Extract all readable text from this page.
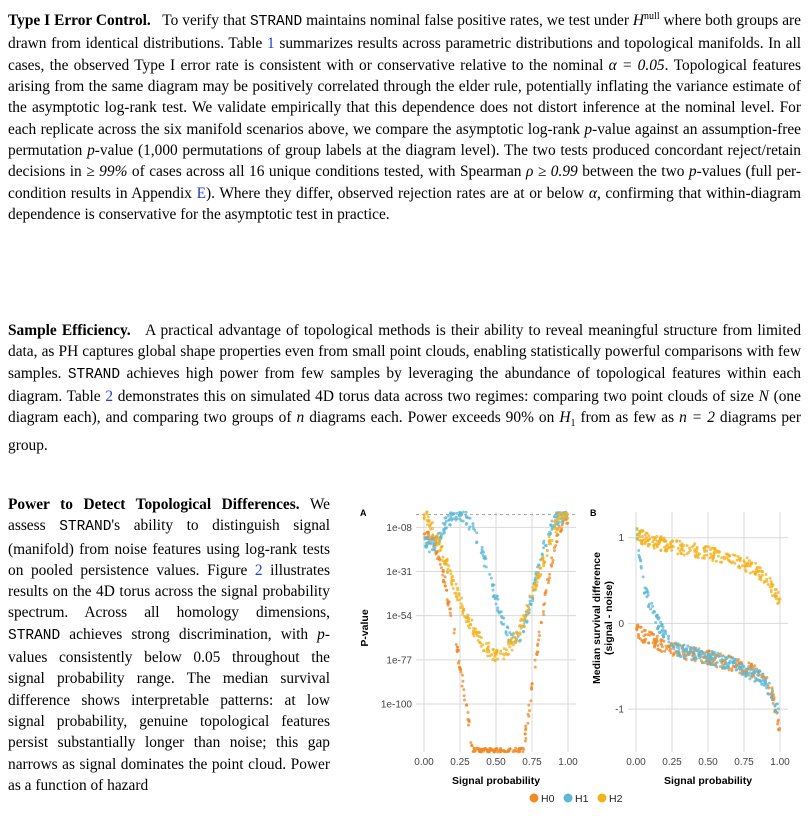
Type I Error Control. To verify that STRAND maintains nominal false positive rates, we test under $H^{null}$ where both groups are drawn from identical distributions. Table 1 summarizes results across parametric distributions and topological manifolds. In all cases, the observed Type I error rate is consistent with or conservative relative to the nominal α = 0.05. Topological features arising from the same diagram may be positively correlated through the elder rule, potentially inflating the variance estimate of the asymptotic log-rank test. We validate empirically that this dependence does not distort inference at the nominal level. For each replicate across the six manifold scenarios above, we compare the asymptotic log-rank p-value against an assumption-free permutation p-value (1,000 permutations of group labels at the diagram level). The two tests produced concordant reject/retain decisions in ≥ 99% of cases across all 16 unique conditions tested, with Spearman ρ ≥ 0.99 between the two p-values (full per-condition results in Appendix E). Where they differ, observed rejection rates are at or below α, confirming that within-diagram dependence is conservative for the asymptotic test in practice.
Sample Efficiency. A practical advantage of topological methods is their ability to reveal meaningful structure from limited data, as PH captures global shape properties even from small point clouds, enabling statistically powerful comparisons with few samples. STRAND achieves high power from few samples by leveraging the abundance of topological features within each diagram. Table 2 demonstrates this on simulated 4D torus data across two regimes: comparing two point clouds of size N (one diagram each), and comparing two groups of n diagrams each. Power exceeds 90% on $H_1$ from as few as n = 2 diagrams per group.
Power to Detect Topological Differences. We assess STRAND's ability to distinguish signal (manifold) from noise features using log-rank tests on pooled persistence values. Figure 2 illustrates results on the 4D torus across the signal probability spectrum. Across all homology dimensions, STRAND achieves strong discrimination, with p-values consistently below 0.05 throughout the signal probability range. The median survival difference shows interpretable patterns: at low signal probability, genuine topological features persist substantially longer than noise; this gap narrows as signal dominates the point cloud. Power as a function of hazard
A
0.00 0.25 0.50 0.75 1.00
1e-08
1e-31
1e-54
1e-77
1e-100
Signal probability
P-value
B
0.00 0.25 0.50 0.75 1.00
1
0
-1
Signal probability
Median survival difference (signal - noise)
H0 H1 H2
